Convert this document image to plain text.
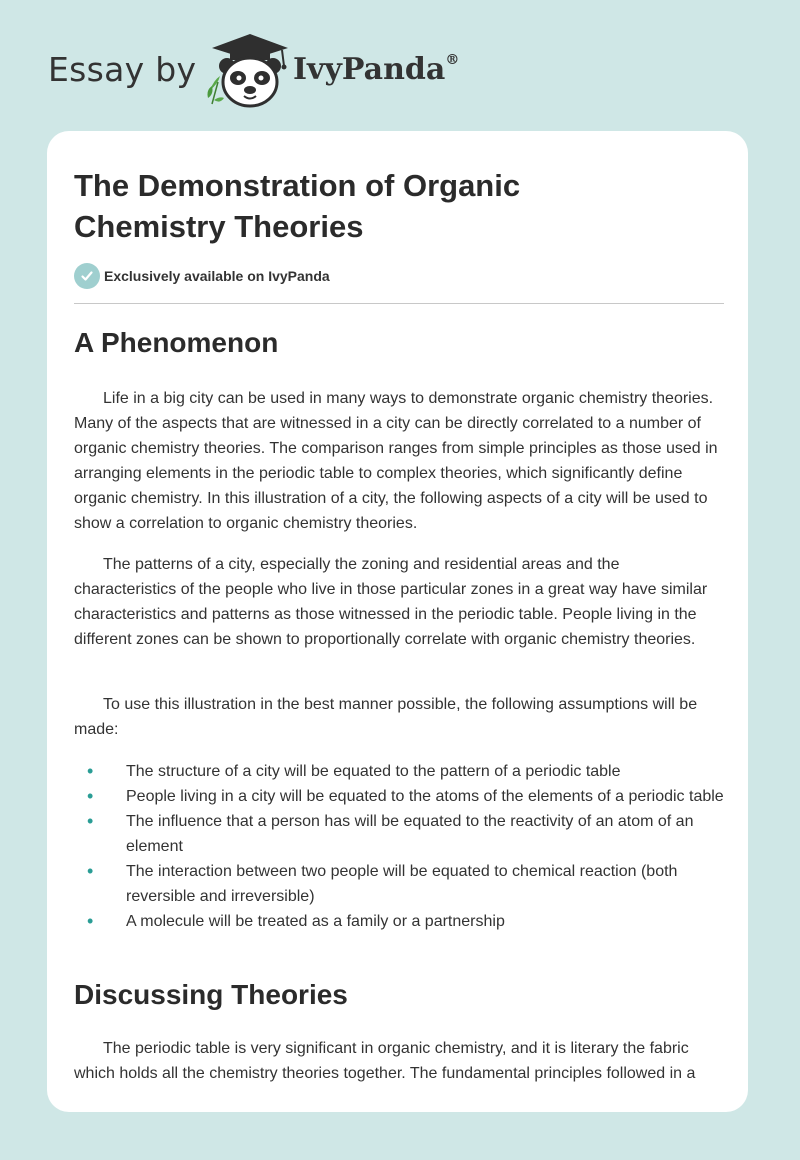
Essay by	IvyPanda®
The Demonstration of Organic Chemistry Theories
Exclusively available on IvyPanda
A Phenomenon

Life in a big city can be used in many ways to demonstrate organic chemistry theories. Many of the aspects that are witnessed in a city can be directly correlated to a number of organic chemistry theories. The comparison ranges from simple principles as those used in arranging elements in the periodic table to complex theories, which significantly define organic chemistry. In this illustration of a city, the following aspects of a city will be used to show a correlation to organic chemistry theories.

The patterns of a city, especially the zoning and residential areas and the characteristics of the people who live in those particular zones in a great way have similar characteristics and patterns as those witnessed in the periodic table. People living in the different zones can be shown to proportionally correlate with organic chemistry theories.

To use this illustration in the best manner possible, the following assumptions will be made:

• The structure of a city will be equated to the pattern of a periodic table
• People living in a city will be equated to the atoms of the elements of a periodic table
• The influence that a person has will be equated to the reactivity of an atom of an element
• The interaction between two people will be equated to chemical reaction (both reversible and irreversible)
• A molecule will be treated as a family or a partnership
Discussing Theories

The periodic table is very significant in organic chemistry, and it is literary the fabric which holds all the chemistry theories together. The fundamental principles followed in a
